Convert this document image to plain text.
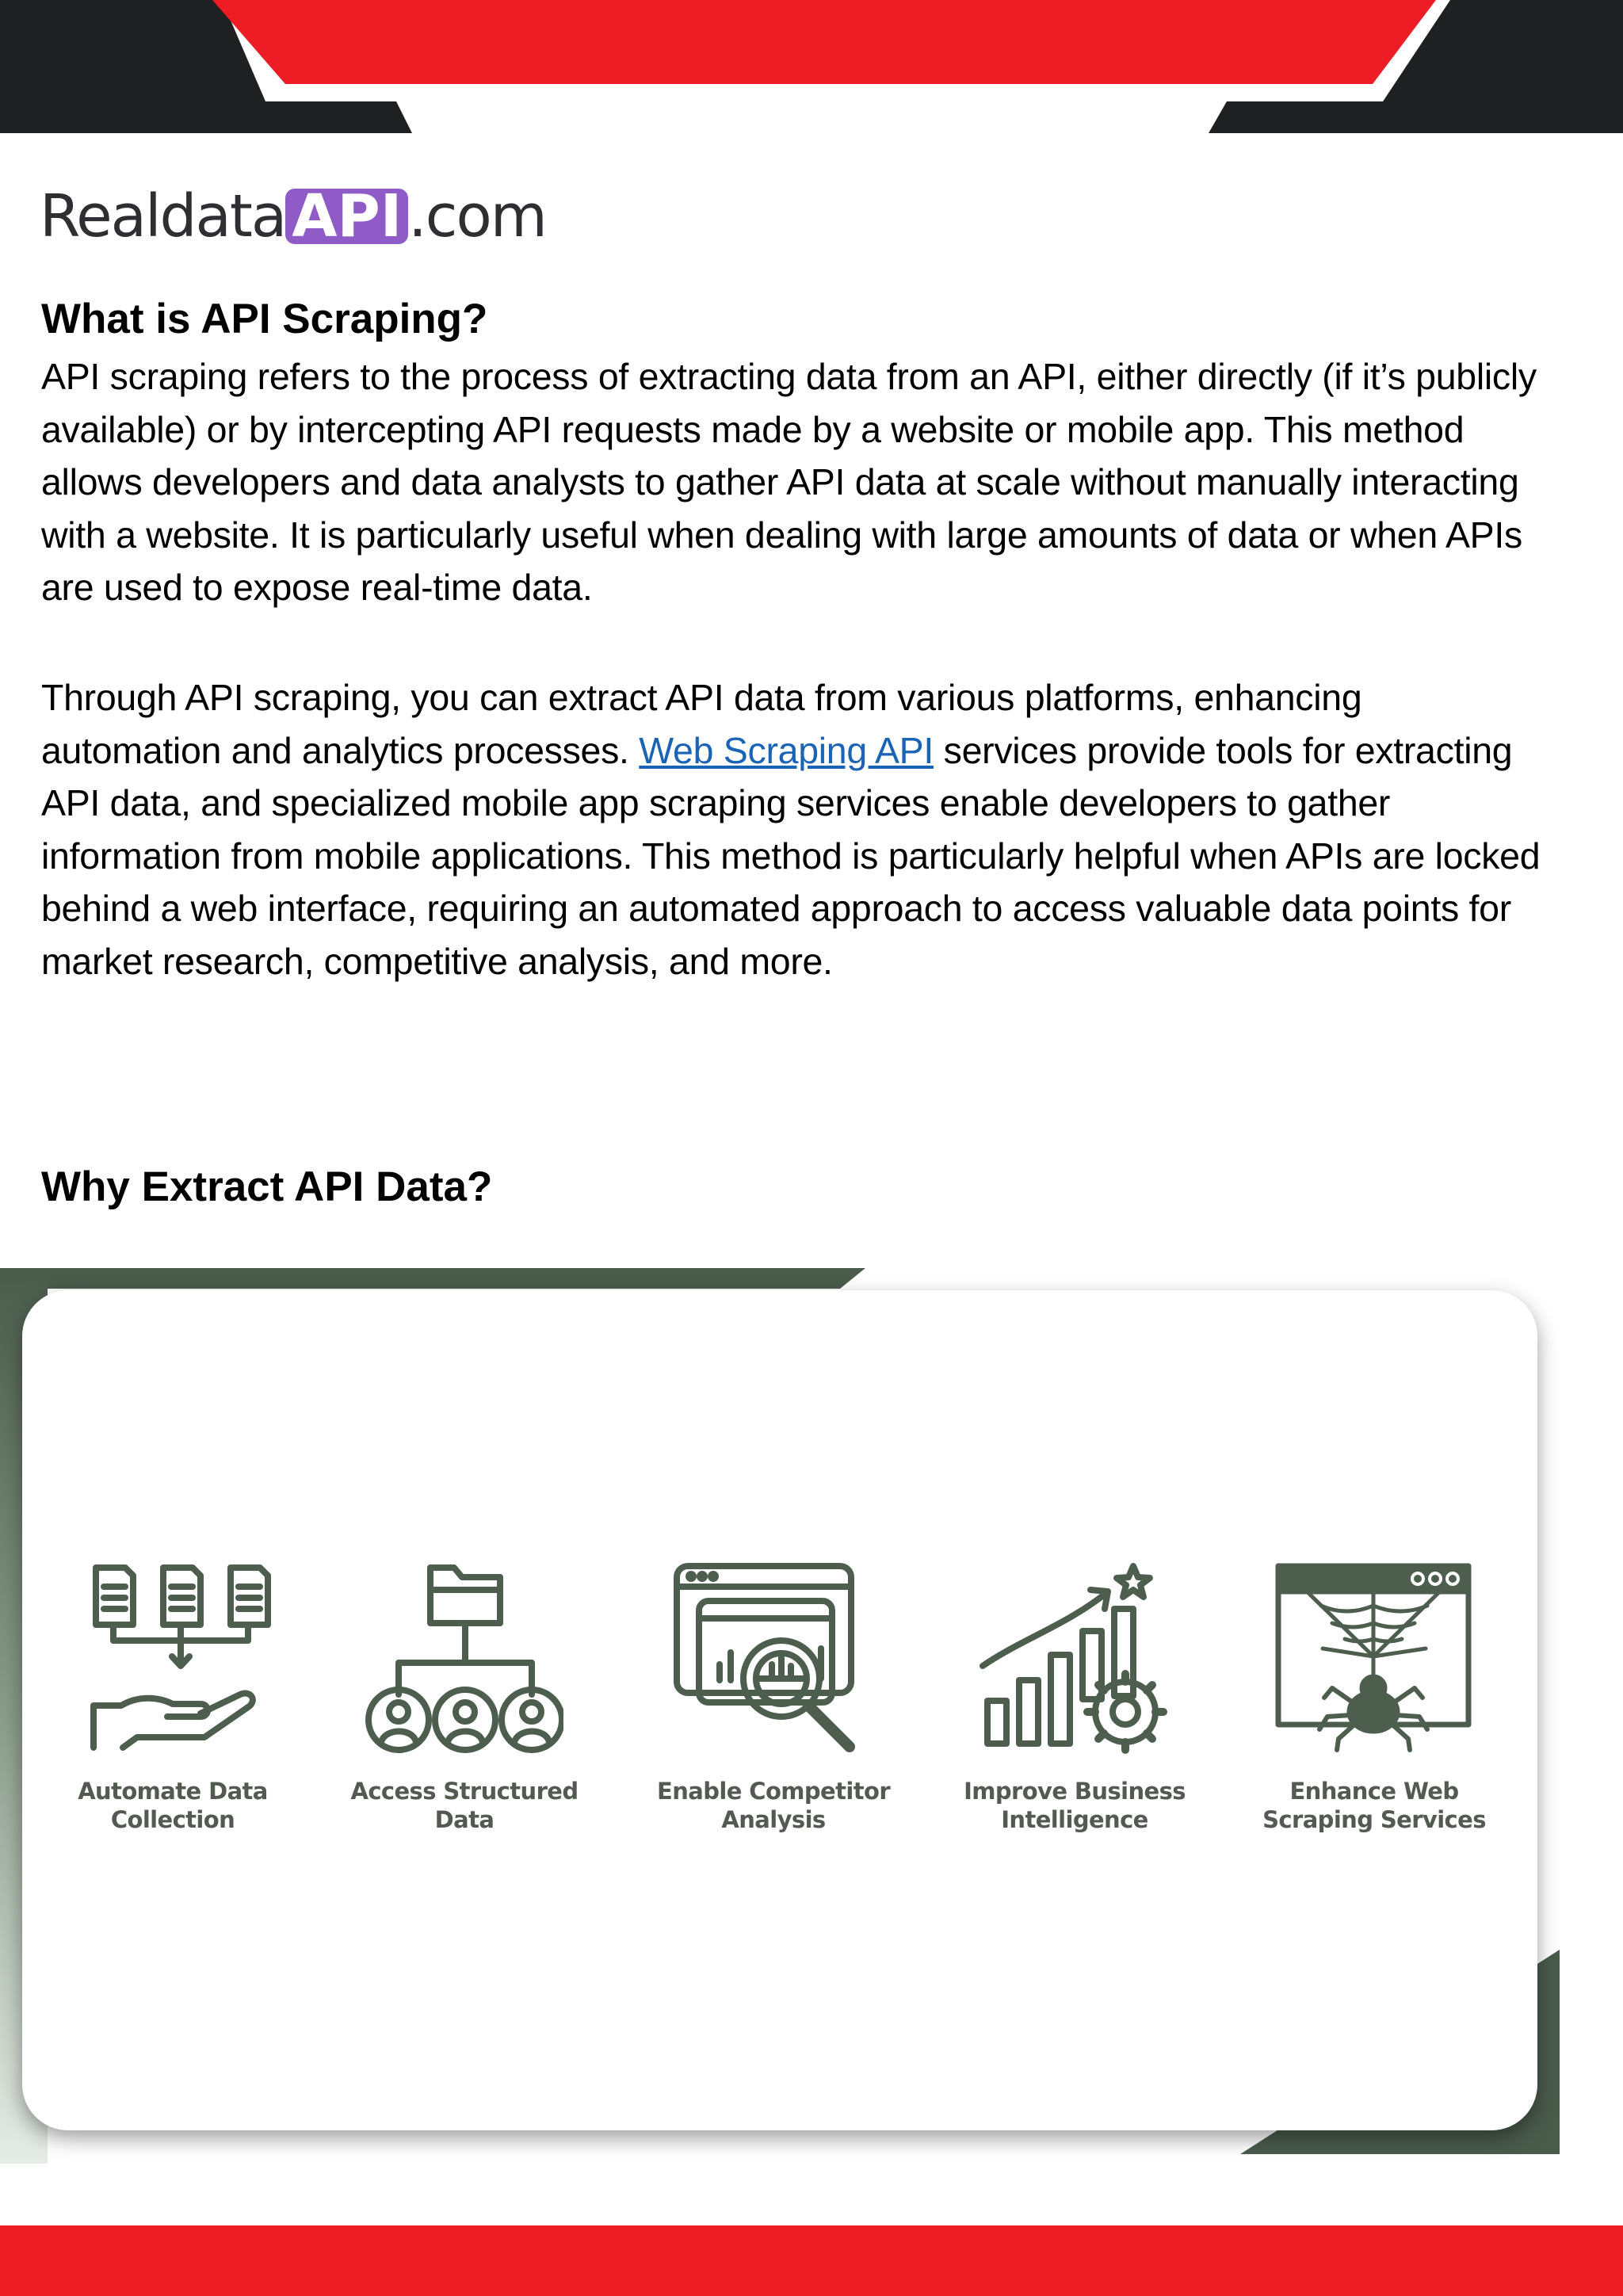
Realdata API .com
What is API Scraping?

API scraping refers to the process of extracting data from an API, either directly (if it’s publicly available) or by intercepting API requests made by a website or mobile app. This method allows developers and data analysts to gather API data at scale without manually interacting with a website. It is particularly useful when dealing with large amounts of data or when APIs are used to expose real-time data.

Through API scraping, you can extract API data from various platforms, enhancing automation and analytics processes. Web Scraping API services provide tools for extracting API data, and specialized mobile app scraping services enable developers to gather information from mobile applications. This method is particularly helpful when APIs are locked behind a web interface, requiring an automated approach to access valuable data points for market research, competitive analysis, and more.

Why Extract API Data?
Automate Data
Collection
Access Structured
Data
Enable Competitor
Analysis
Improve Business
Intelligence
Enhance Web
Scraping Services
